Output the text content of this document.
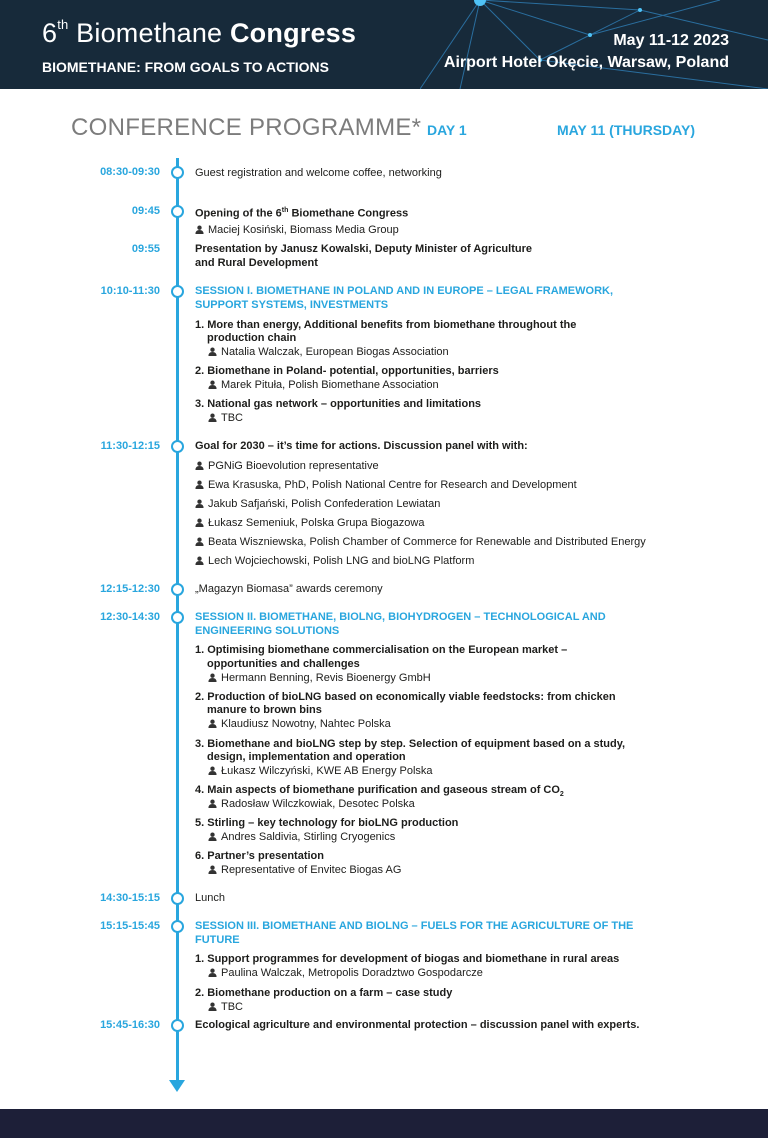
6th Biomethane Congress
BIOMETHANE: FROM GOALS TO ACTIONS
May 11-12 2023
Airport Hotel Okęcie, Warsaw, Poland
CONFERENCE PROGRAMME* DAY 1	MAY 11 (THURSDAY)
08:30-09:30	Guest registration and welcome coffee, networking
09:45	Opening of the 6th Biomethane Congress
Maciej Kosiński, Biomass Media Group
09:55	Presentation by Janusz Kowalski, Deputy Minister of Agriculture
and Rural Development
10:10-11:30	SESSION I. BIOMETHANE IN POLAND AND IN EUROPE – LEGAL FRAMEWORK,
SUPPORT SYSTEMS, INVESTMENTS
1. More than energy, Additional benefits from biomethane throughout the
production chain
Natalia Walczak, European Biogas Association
2. Biomethane in Poland- potential, opportunities, barriers
Marek Pituła, Polish Biomethane Association
3. National gas network – opportunities and limitations
TBC
11:30-12:15	Goal for 2030 – it’s time for actions. Discussion panel with with:
PGNiG Bioevolution representative
Ewa Krasuska, PhD, Polish National Centre for Research and Development
Jakub Safjański, Polish Confederation Lewiatan
Łukasz Semeniuk, Polska Grupa Biogazowa
Beata Wiszniewska, Polish Chamber of Commerce for Renewable and Distributed Energy
Lech Wojciechowski, Polish LNG and bioLNG Platform
12:15-12:30	„Magazyn Biomasa” awards ceremony
12:30-14:30	SESSION II. BIOMETHANE, BIOLNG, BIOHYDROGEN – TECHNOLOGICAL AND
ENGINEERING SOLUTIONS
1. Optimising biomethane commercialisation on the European market –
opportunities and challenges
Hermann Benning, Revis Bioenergy GmbH
2. Production of bioLNG based on economically viable feedstocks: from chicken
manure to brown bins
Klaudiusz Nowotny, Nahtec Polska
3. Biomethane and bioLNG step by step. Selection of equipment based on a study,
design, implementation and operation
Łukasz Wilczyński, KWE AB Energy Polska
4. Main aspects of biomethane purification and gaseous stream of $CO_2$
Radosław Wilczkowiak, Desotec Polska
5. Stirling – key technology for bioLNG production
Andres Saldivia, Stirling Cryogenics
6. Partner’s presentation
Representative of Envitec Biogas AG
14:30-15:15	Lunch
15:15-15:45	SESSION III. BIOMETHANE AND BIOLNG – FUELS FOR THE AGRICULTURE OF THE
FUTURE
1. Support programmes for development of biogas and biomethane in rural areas
Paulina Walczak, Metropolis Doradztwo Gospodarcze
2. Biomethane production on a farm – case study
TBC
15:45-16:30	Ecological agriculture and environmental protection – discussion panel with experts.
